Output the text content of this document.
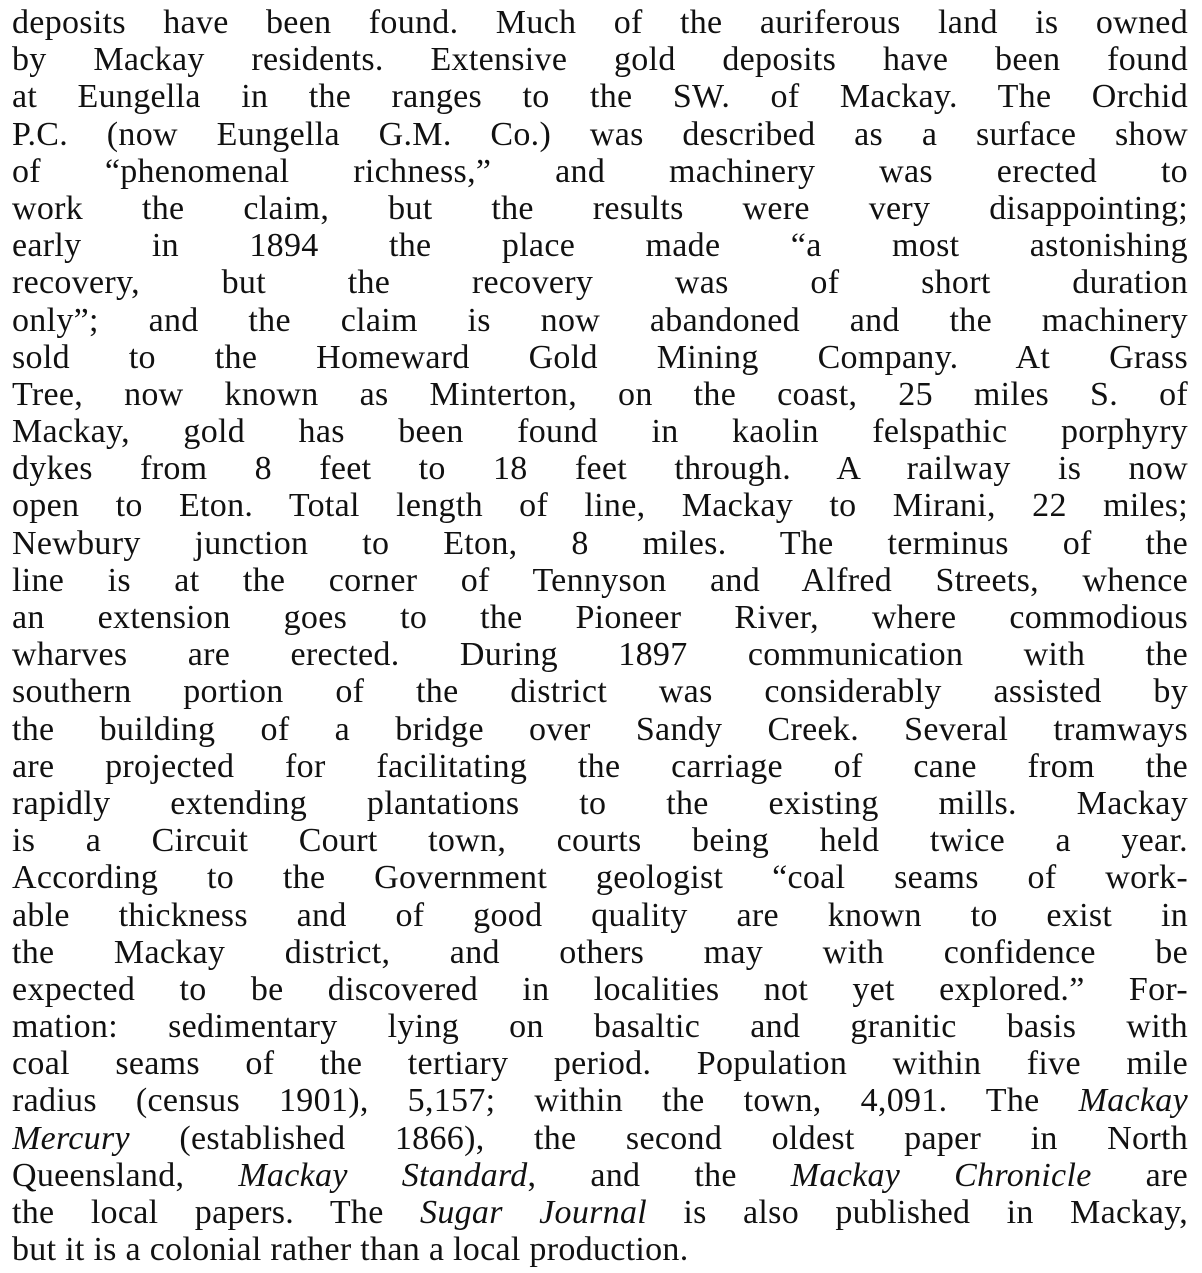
deposits have been found. Much of the auriferous land is owned
by Mackay residents. Extensive gold deposits have been found
at Eungella in the ranges to the SW. of Mackay. The Orchid
P.C. (now Eungella G.M. Co.) was described as a surface show
of “phenomenal richness,” and machinery was erected to
work the claim, but the results were very disappointing;
early in 1894 the place made “a most astonishing
recovery, but the recovery was of short duration
only”; and the claim is now abandoned and the machinery
sold to the Homeward Gold Mining Company. At Grass
Tree, now known as Minterton, on the coast, 25 miles S. of
Mackay, gold has been found in kaolin felspathic porphyry
dykes from 8 feet to 18 feet through. A railway is now
open to Eton. Total length of line, Mackay to Mirani, 22 miles;
Newbury junction to Eton, 8 miles. The terminus of the
line is at the corner of Tennyson and Alfred Streets, whence
an extension goes to the Pioneer River, where commodious
wharves are erected. During 1897 communication with the
southern portion of the district was considerably assisted by
the building of a bridge over Sandy Creek. Several tramways
are projected for facilitating the carriage of cane from the
rapidly extending plantations to the existing mills. Mackay
is a Circuit Court town, courts being held twice a year.
According to the Government geologist “coal seams of work-
able thickness and of good quality are known to exist in
the Mackay district, and others may with confidence be
expected to be discovered in localities not yet explored.” For-
mation: sedimentary lying on basaltic and granitic basis with
coal seams of the tertiary period. Population within five mile
radius (census 1901), 5,157; within the town, 4,091. The Mackay
Mercury (established 1866), the second oldest paper in North
Queensland, Mackay Standard, and the Mackay Chronicle are
the local papers. The Sugar Journal is also published in Mackay,
but it is a colonial rather than a local production.
